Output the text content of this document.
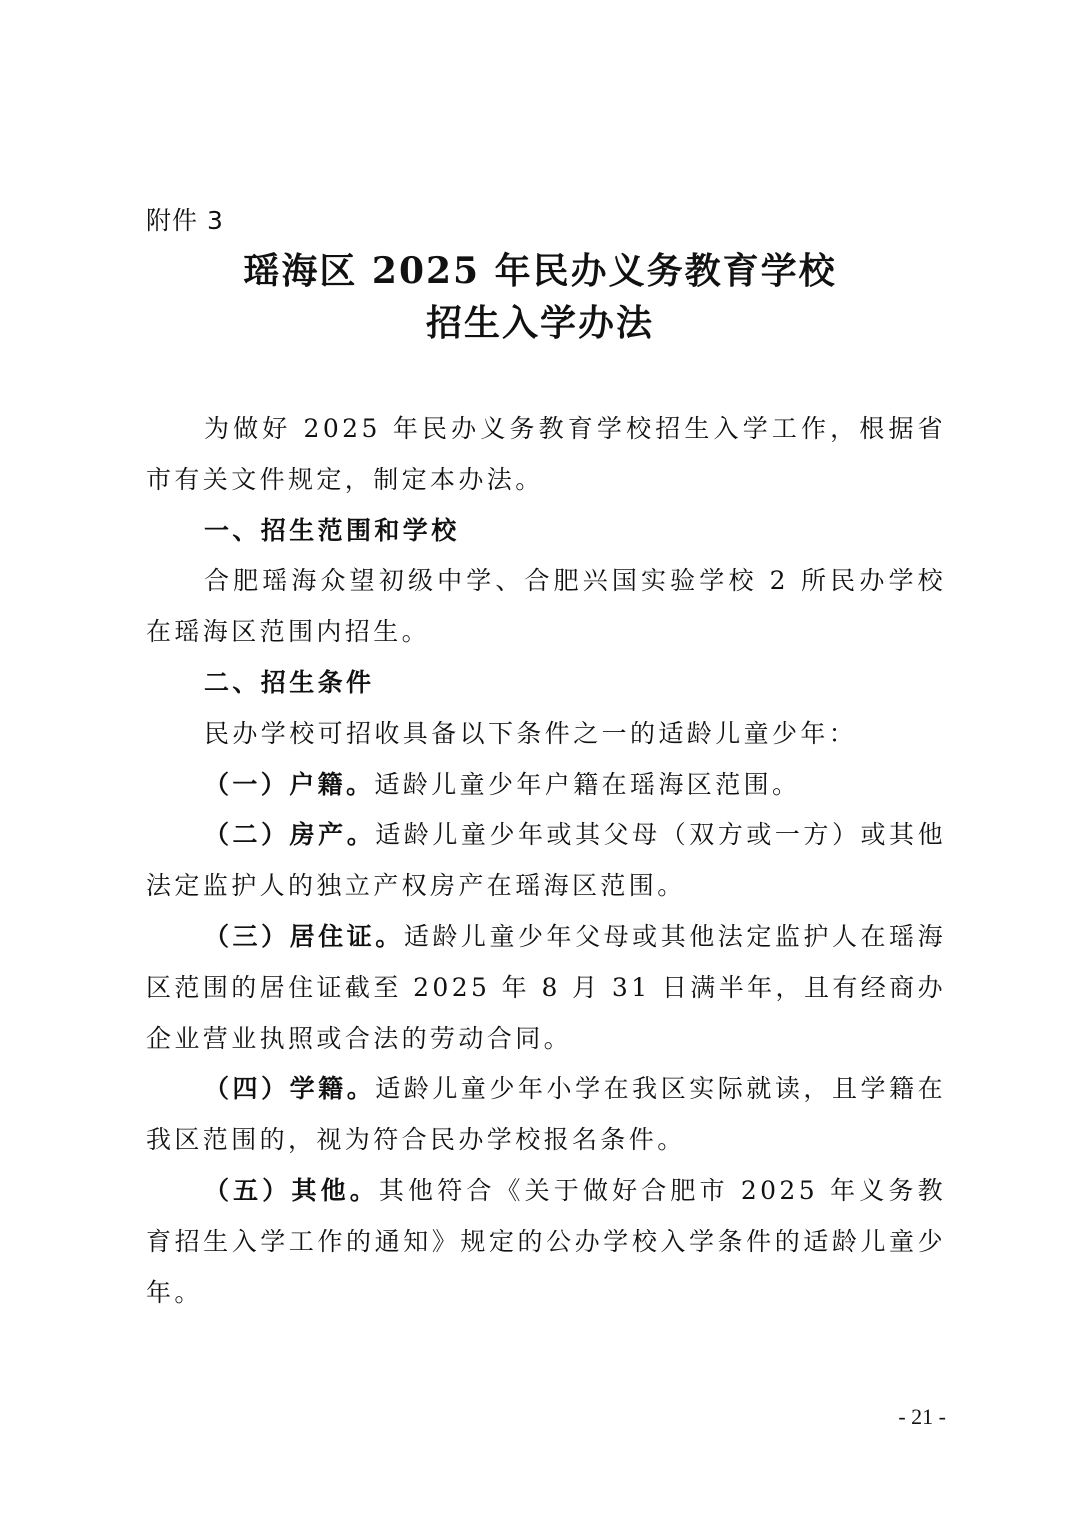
附件 3
瑶海区 2025 年民办义务教育学校
招生入学办法

为做好 2025 年民办义务教育学校招生入学工作，根据省市有关文件规定，制定本办法。

一、招生范围和学校

合肥瑶海众望初级中学、合肥兴国实验学校 2 所民办学校在瑶海区范围内招生。

二、招生条件

民办学校可招收具备以下条件之一的适龄儿童少年：

（一）户籍。适龄儿童少年户籍在瑶海区范围。

（二）房产。适龄儿童少年或其父母（双方或一方）或其他法定监护人的独立产权房产在瑶海区范围。

（三）居住证。适龄儿童少年父母或其他法定监护人在瑶海区范围的居住证截至 2025 年 8 月 31 日满半年，且有经商办企业营业执照或合法的劳动合同。

（四）学籍。适龄儿童少年小学在我区实际就读，且学籍在我区范围的，视为符合民办学校报名条件。

（五）其他。其他符合《关于做好合肥市 2025 年义务教育招生入学工作的通知》规定的公办学校入学条件的适龄儿童少年。

- 21 -
